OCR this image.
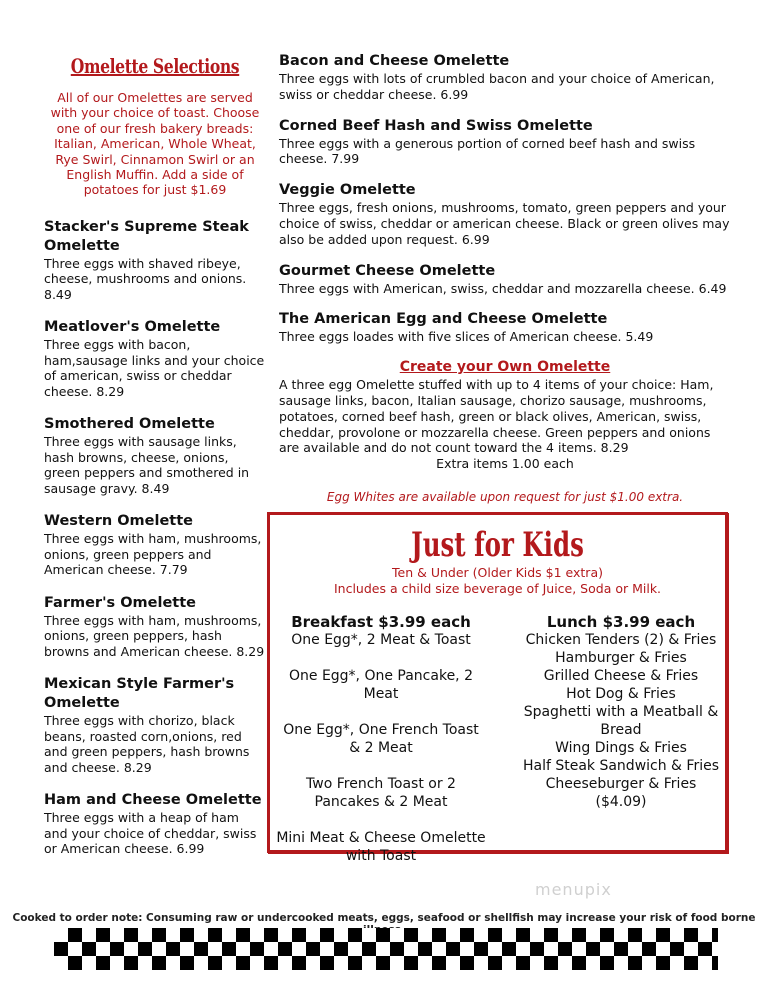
Omelette Selections
All of our Omelettes are served with your choice of toast. Choose one of our fresh bakery breads: Italian, American, Whole Wheat, Rye Swirl, Cinnamon Swirl or an English Muffin. Add a side of potatoes for just $1.69
Stacker's Supreme Steak Omelette
Three eggs with shaved ribeye, cheese, mushrooms and onions. 8.49
Meatlover's Omelette
Three eggs with bacon, ham,sausage links and your choice of american, swiss or cheddar cheese. 8.29
Smothered Omelette
Three eggs with sausage links, hash browns, cheese, onions, green peppers and smothered in sausage gravy. 8.49
Western Omelette
Three eggs with ham, mushrooms, onions, green peppers and American cheese. 7.79
Farmer's Omelette
Three eggs with ham, mushrooms, onions, green peppers, hash browns and American cheese. 8.29
Mexican Style Farmer's Omelette
Three eggs with chorizo, black beans, roasted corn,onions, red and green peppers, hash browns and cheese. 8.29
Ham and Cheese Omelette
Three eggs with a heap of ham and your choice of cheddar, swiss or American cheese. 6.99
Bacon and Cheese Omelette
Three eggs with lots of crumbled bacon and your choice of American, swiss or cheddar cheese. 6.99
Corned Beef Hash and Swiss Omelette
Three eggs with a generous portion of corned beef hash and swiss cheese. 7.99
Veggie Omelette
Three eggs, fresh onions, mushrooms, tomato, green peppers and your choice of swiss, cheddar or american cheese. Black or green olives may also be added upon request. 6.99
Gourmet Cheese Omelette
Three eggs with American, swiss, cheddar and mozzarella cheese. 6.49
The American Egg and Cheese Omelette
Three eggs loades with five slices of American cheese. 5.49
Create your Own Omelette
A three egg Omelette stuffed with up to 4 items of your choice: Ham, sausage links, bacon, Italian sausage, chorizo sausage, mushrooms, potatoes, corned beef hash, green or black olives, American, swiss, cheddar, provolone or mozzarella cheese. Green peppers and onions are available and do not count toward the 4 items. 8.29
Extra items 1.00 each
Egg Whites are available upon request for just $1.00 extra.
Just for Kids
Ten & Under (Older Kids $1 extra)
Includes a child size beverage of Juice, Soda or Milk.
Breakfast $3.99 each
One Egg*, 2 Meat & Toast
One Egg*, One Pancake, 2 Meat
One Egg*, One French Toast & 2 Meat
Two French Toast or 2 Pancakes & 2 Meat
Mini Meat & Cheese Omelette with Toast
Lunch $3.99 each
Chicken Tenders (2) & Fries
Hamburger & Fries
Grilled Cheese & Fries
Hot Dog & Fries
Spaghetti with a Meatball & Bread
Wing Dings & Fries
Half Steak Sandwich & Fries
Cheeseburger & Fries ($4.09)
menupix
Cooked to order note: Consuming raw or undercooked meats, eggs, seafood or shellfish may increase your risk of food borne
